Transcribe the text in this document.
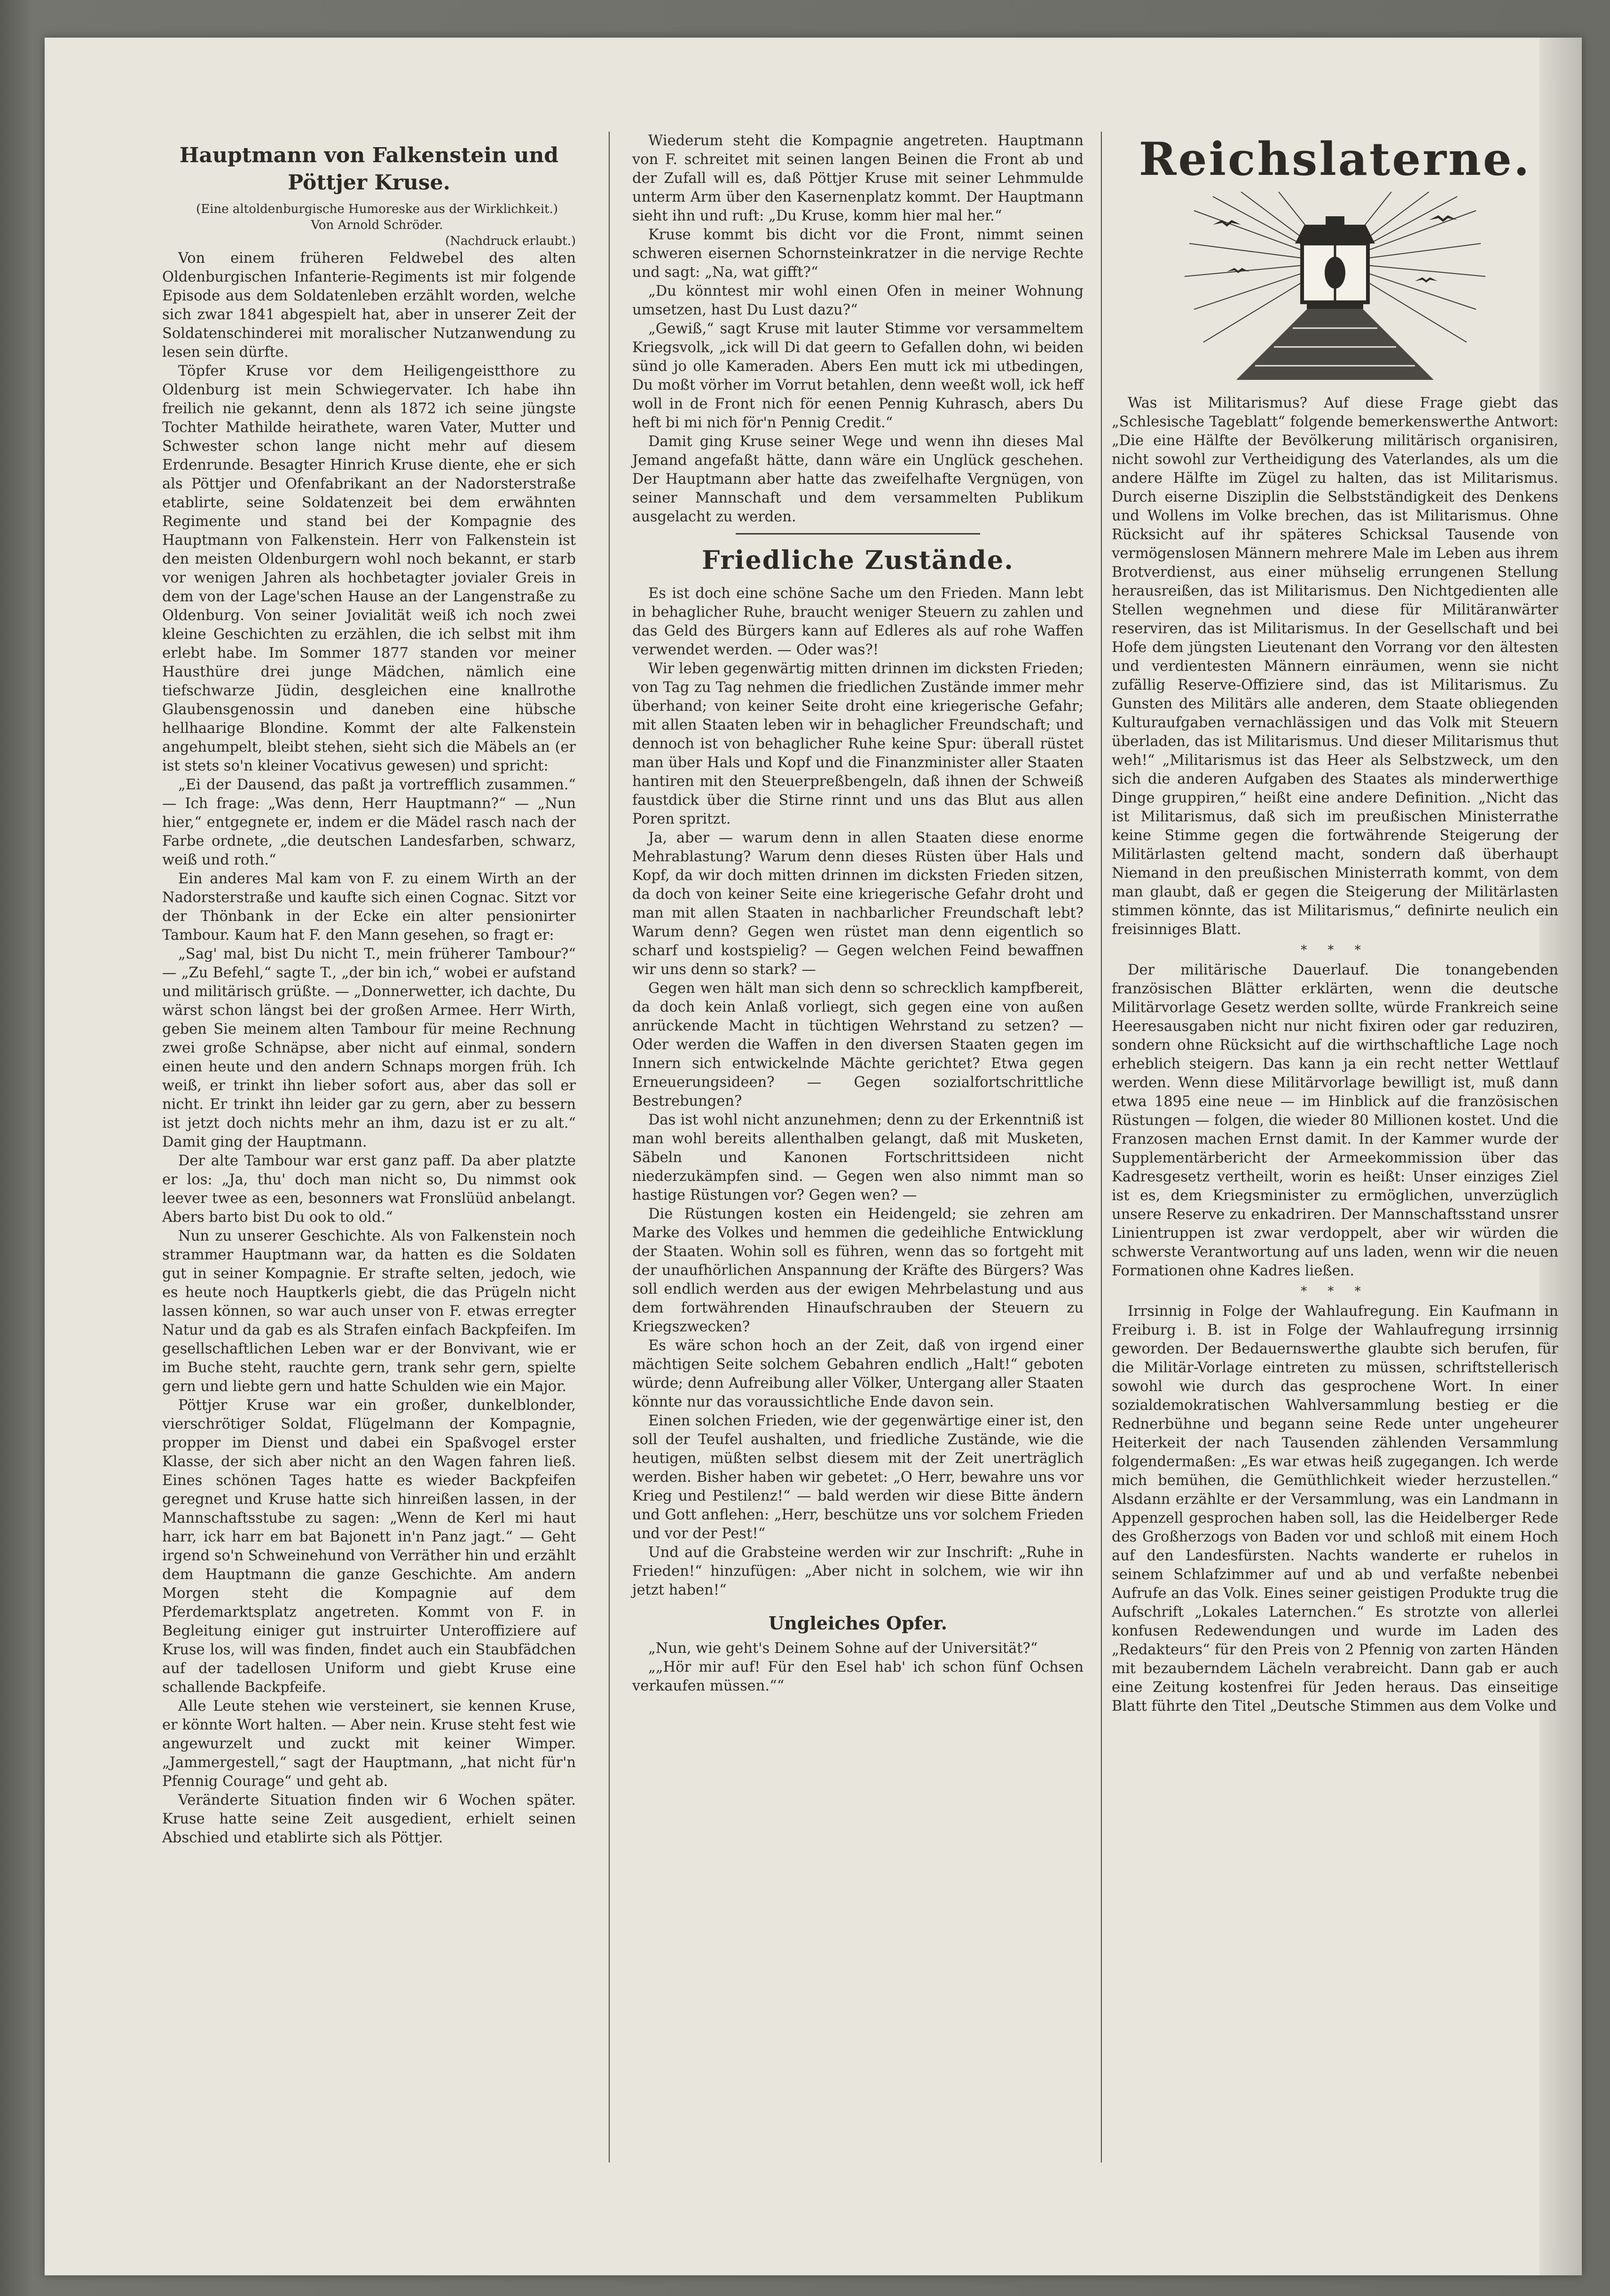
Hauptmann von Falkenstein und
Pöttjer Kruse.

(Eine altoldenburgische Humoreske aus der Wirklichkeit.)

Von Arnold Schröder.

(Nachdruck erlaubt.)

Von einem früheren Feldwebel des alten Oldenburgischen Infanterie-Regiments ist mir folgende Episode aus dem Soldatenleben erzählt worden, welche sich zwar 1841 abgespielt hat, aber in unserer Zeit der Soldatenschinderei mit moralischer Nutzanwendung zu lesen sein dürfte.

Töpfer Kruse vor dem Heiligengeistthore zu Oldenburg ist mein Schwiegervater. Ich habe ihn freilich nie gekannt, denn als 1872 ich seine jüngste Tochter Mathilde heirathete, waren Vater, Mutter und Schwester schon lange nicht mehr auf diesem Erdenrunde. Besagter Hinrich Kruse diente, ehe er sich als Pöttjer und Ofenfabrikant an der Nadorsterstraße etablirte, seine Soldatenzeit bei dem erwähnten Regimente und stand bei der Kompagnie des Hauptmann von Falkenstein. Herr von Falkenstein ist den meisten Oldenburgern wohl noch bekannt, er starb vor wenigen Jahren als hochbetagter jovialer Greis in dem von der Lage'schen Hause an der Langenstraße zu Oldenburg. Von seiner Jovialität weiß ich noch zwei kleine Geschichten zu erzählen, die ich selbst mit ihm erlebt habe. Im Sommer 1877 standen vor meiner Hausthüre drei junge Mädchen, nämlich eine tiefschwarze Jüdin, desgleichen eine knallrothe Glaubensgenossin und daneben eine hübsche hellhaarige Blondine. Kommt der alte Falkenstein angehumpelt, bleibt stehen, sieht sich die Mäbels an (er ist stets so'n kleiner Vocativus gewesen) und spricht:

„Ei der Dausend, das paßt ja vortrefflich zusammen.“ — Ich frage: „Was denn, Herr Hauptmann?“ — „Nun hier,“ entgegnete er, indem er die Mädel rasch nach der Farbe ordnete, „die deutschen Landesfarben, schwarz, weiß und roth.“

Ein anderes Mal kam von F. zu einem Wirth an der Nadorsterstraße und kaufte sich einen Cognac. Sitzt vor der Thönbank in der Ecke ein alter pensionirter Tambour. Kaum hat F. den Mann gesehen, so fragt er:

„Sag' mal, bist Du nicht T., mein früherer Tambour?“ — „Zu Befehl,“ sagte T., „der bin ich,“ wobei er aufstand und militärisch grüßte. — „Donnerwetter, ich dachte, Du wärst schon längst bei der großen Armee. Herr Wirth, geben Sie meinem alten Tambour für meine Rechnung zwei große Schnäpse, aber nicht auf einmal, sondern einen heute und den andern Schnaps morgen früh. Ich weiß, er trinkt ihn lieber sofort aus, aber das soll er nicht. Er trinkt ihn leider gar zu gern, aber zu bessern ist jetzt doch nichts mehr an ihm, dazu ist er zu alt.“ Damit ging der Hauptmann.

Der alte Tambour war erst ganz paff. Da aber platzte er los: „Ja, thu' doch man nicht so, Du nimmst ook leever twee as een, besonners wat Fronslüüd anbelangt. Abers barto bist Du ook to old.“

Nun zu unserer Geschichte. Als von Falkenstein noch strammer Hauptmann war, da hatten es die Soldaten gut in seiner Kompagnie. Er strafte selten, jedoch, wie es heute noch Hauptkerls giebt, die das Prügeln nicht lassen können, so war auch unser von F. etwas erregter Natur und da gab es als Strafen einfach Backpfeifen. Im gesellschaftlichen Leben war er der Bonvivant, wie er im Buche steht, rauchte gern, trank sehr gern, spielte gern und liebte gern und hatte Schulden wie ein Major.

Pöttjer Kruse war ein großer, dunkelblonder, vierschrötiger Soldat, Flügelmann der Kompagnie, propper im Dienst und dabei ein Spaßvogel erster Klasse, der sich aber nicht an den Wagen fahren ließ. Eines schönen Tages hatte es wieder Backpfeifen geregnet und Kruse hatte sich hinreißen lassen, in der Mannschaftsstube zu sagen: „Wenn de Kerl mi haut harr, ick harr em bat Bajonett in'n Panz jagt.“ — Geht irgend so'n Schweinehund von Verräther hin und erzählt dem Hauptmann die ganze Geschichte. Am andern Morgen steht die Kompagnie auf dem Pferdemarktsplatz angetreten. Kommt von F. in Begleitung einiger gut instruirter Unteroffiziere auf Kruse los, will was finden, findet auch ein Staubfädchen auf der tadellosen Uniform und giebt Kruse eine schallende Backpfeife.

Alle Leute stehen wie versteinert, sie kennen Kruse, er könnte Wort halten. — Aber nein. Kruse steht fest wie angewurzelt und zuckt mit keiner Wimper. „Jammergestell,“ sagt der Hauptmann, „hat nicht für'n Pfennig Courage“ und geht ab.

Veränderte Situation finden wir 6 Wochen später. Kruse hatte seine Zeit ausgedient, erhielt seinen Abschied und etablirte sich als Pöttjer.

Wiederum steht die Kompagnie angetreten. Hauptmann von F. schreitet mit seinen langen Beinen die Front ab und der Zufall will es, daß Pöttjer Kruse mit seiner Lehmmulde unterm Arm über den Kasernenplatz kommt. Der Hauptmann sieht ihn und ruft: „Du Kruse, komm hier mal her.“

Kruse kommt bis dicht vor die Front, nimmt seinen schweren eisernen Schornsteinkratzer in die nervige Rechte und sagt: „Na, wat gifft?“

„Du könntest mir wohl einen Ofen in meiner Wohnung umsetzen, hast Du Lust dazu?“

„Gewiß,“ sagt Kruse mit lauter Stimme vor versammeltem Kriegsvolk, „ick will Di dat geern to Gefallen dohn, wi beiden sünd jo olle Kameraden. Abers Een mutt ick mi utbedingen, Du moßt vörher im Vorrut betahlen, denn weeßt woll, ick heff woll in de Front nich för eenen Pennig Kuhrasch, abers Du heft bi mi nich för'n Pennig Credit.“

Damit ging Kruse seiner Wege und wenn ihn dieses Mal Jemand angefaßt hätte, dann wäre ein Unglück geschehen. Der Hauptmann aber hatte das zweifelhafte Vergnügen, von seiner Mannschaft und dem versammelten Publikum ausgelacht zu werden.

Friedliche Zustände.

Es ist doch eine schöne Sache um den Frieden. Mann lebt in behaglicher Ruhe, braucht weniger Steuern zu zahlen und das Geld des Bürgers kann auf Edleres als auf rohe Waffen verwendet werden. — Oder was?!

Wir leben gegenwärtig mitten drinnen im dicksten Frieden; von Tag zu Tag nehmen die friedlichen Zustände immer mehr überhand; von keiner Seite droht eine kriegerische Gefahr; mit allen Staaten leben wir in behaglicher Freundschaft; und dennoch ist von behaglicher Ruhe keine Spur: überall rüstet man über Hals und Kopf und die Finanzminister aller Staaten hantiren mit den Steuerpreßbengeln, daß ihnen der Schweiß faustdick über die Stirne rinnt und uns das Blut aus allen Poren spritzt.

Ja, aber — warum denn in allen Staaten diese enorme Mehrablastung? Warum denn dieses Rüsten über Hals und Kopf, da wir doch mitten drinnen im dicksten Frieden sitzen, da doch von keiner Seite eine kriegerische Gefahr droht und man mit allen Staaten in nachbarlicher Freundschaft lebt? Warum denn? Gegen wen rüstet man denn eigentlich so scharf und kostspielig? — Gegen welchen Feind bewaffnen wir uns denn so stark? —

Gegen wen hält man sich denn so schrecklich kampfbereit, da doch kein Anlaß vorliegt, sich gegen eine von außen anrückende Macht in tüchtigen Wehrstand zu setzen? — Oder werden die Waffen in den diversen Staaten gegen im Innern sich entwickelnde Mächte gerichtet? Etwa gegen Erneuerungsideen? — Gegen sozialfortschrittliche Bestrebungen?

Das ist wohl nicht anzunehmen; denn zu der Erkenntniß ist man wohl bereits allenthalben gelangt, daß mit Musketen, Säbeln und Kanonen Fortschrittsideen nicht niederzukämpfen sind. — Gegen wen also nimmt man so hastige Rüstungen vor? Gegen wen? —

Die Rüstungen kosten ein Heidengeld; sie zehren am Marke des Volkes und hemmen die gedeihliche Entwicklung der Staaten. Wohin soll es führen, wenn das so fortgeht mit der unaufhörlichen Anspannung der Kräfte des Bürgers? Was soll endlich werden aus der ewigen Mehrbelastung und aus dem fortwährenden Hinaufschrauben der Steuern zu Kriegszwecken?

Es wäre schon hoch an der Zeit, daß von irgend einer mächtigen Seite solchem Gebahren endlich „Halt!“ geboten würde; denn Aufreibung aller Völker, Untergang aller Staaten könnte nur das voraussichtliche Ende davon sein.

Einen solchen Frieden, wie der gegenwärtige einer ist, den soll der Teufel aushalten, und friedliche Zustände, wie die heutigen, müßten selbst diesem mit der Zeit unerträglich werden. Bisher haben wir gebetet: „O Herr, bewahre uns vor Krieg und Pestilenz!“ — bald werden wir diese Bitte ändern und Gott anflehen: „Herr, beschütze uns vor solchem Frieden und vor der Pest!“

Und auf die Grabsteine werden wir zur Inschrift: „Ruhe in Frieden!“ hinzufügen: „Aber nicht in solchem, wie wir ihn jetzt haben!“

Ungleiches Opfer.

„Nun, wie geht's Deinem Sohne auf der Universität?“

„„Hör mir auf! Für den Esel hab' ich schon fünf Ochsen verkaufen müssen.““

Reichslaterne.

Was ist Militarismus? Auf diese Frage giebt das „Schlesische Tageblatt“ folgende bemerkenswerthe Antwort: „Die eine Hälfte der Bevölkerung militärisch organisiren, nicht sowohl zur Vertheidigung des Vaterlandes, als um die andere Hälfte im Zügel zu halten, das ist Militarismus. Durch eiserne Disziplin die Selbstständigkeit des Denkens und Wollens im Volke brechen, das ist Militarismus. Ohne Rücksicht auf ihr späteres Schicksal Tausende von vermögenslosen Männern mehrere Male im Leben aus ihrem Brotverdienst, aus einer mühselig errungenen Stellung herausreißen, das ist Militarismus. Den Nichtgedienten alle Stellen wegnehmen und diese für Militäranwärter reserviren, das ist Militarismus. In der Gesellschaft und bei Hofe dem jüngsten Lieutenant den Vorrang vor den ältesten und verdientesten Männern einräumen, wenn sie nicht zufällig Reserve-Offiziere sind, das ist Militarismus. Zu Gunsten des Militärs alle anderen, dem Staate obliegenden Kulturaufgaben vernachlässigen und das Volk mit Steuern überladen, das ist Militarismus. Und dieser Militarismus thut weh!“ „Militarismus ist das Heer als Selbstzweck, um den sich die anderen Aufgaben des Staates als minderwerthige Dinge gruppiren,“ heißt eine andere Definition. „Nicht das ist Militarismus, daß sich im preußischen Ministerrathe keine Stimme gegen die fortwährende Steigerung der Militärlasten geltend macht, sondern daß überhaupt Niemand in den preußischen Ministerrath kommt, von dem man glaubt, daß er gegen die Steigerung der Militärlasten stimmen könnte, das ist Militarismus,“ definirte neulich ein freisinniges Blatt.

* * *

Der militärische Dauerlauf. Die tonangebenden französischen Blätter erklärten, wenn die deutsche Militärvorlage Gesetz werden sollte, würde Frankreich seine Heeresausgaben nicht nur nicht fixiren oder gar reduziren, sondern ohne Rücksicht auf die wirthschaftliche Lage noch erheblich steigern. Das kann ja ein recht netter Wettlauf werden. Wenn diese Militärvorlage bewilligt ist, muß dann etwa 1895 eine neue — im Hinblick auf die französischen Rüstungen — folgen, die wieder 80 Millionen kostet. Und die Franzosen machen Ernst damit. In der Kammer wurde der Supplementärbericht der Armeekommission über das Kadresgesetz vertheilt, worin es heißt: Unser einziges Ziel ist es, dem Kriegsminister zu ermöglichen, unverzüglich unsere Reserve zu enkadriren. Der Mannschaftsstand unsrer Linientruppen ist zwar verdoppelt, aber wir würden die schwerste Verantwortung auf uns laden, wenn wir die neuen Formationen ohne Kadres ließen.

* * *

Irrsinnig in Folge der Wahlaufregung. Ein Kaufmann in Freiburg i. B. ist in Folge der Wahlaufregung irrsinnig geworden. Der Bedauernswerthe glaubte sich berufen, für die Militär-Vorlage eintreten zu müssen, schriftstellerisch sowohl wie durch das gesprochene Wort. In einer sozialdemokratischen Wahlversammlung bestieg er die Rednerbühne und begann seine Rede unter ungeheurer Heiterkeit der nach Tausenden zählenden Versammlung folgendermaßen: „Es war etwas heiß zugegangen. Ich werde mich bemühen, die Gemüthlichkeit wieder herzustellen.“ Alsdann erzählte er der Versammlung, was ein Landmann in Appenzell gesprochen haben soll, las die Heidelberger Rede des Großherzogs von Baden vor und schloß mit einem Hoch auf den Landesfürsten. Nachts wanderte er ruhelos in seinem Schlafzimmer auf und ab und verfaßte nebenbei Aufrufe an das Volk. Eines seiner geistigen Produkte trug die Aufschrift „Lokales Laternchen.“ Es strotzte von allerlei konfusen Redewendungen und wurde im Laden des „Redakteurs“ für den Preis von 2 Pfennig von zarten Händen mit bezauberndem Lächeln verabreicht. Dann gab er auch eine Zeitung kostenfrei für Jeden heraus. Das einseitige Blatt führte den Titel „Deutsche Stimmen aus dem Volke und
